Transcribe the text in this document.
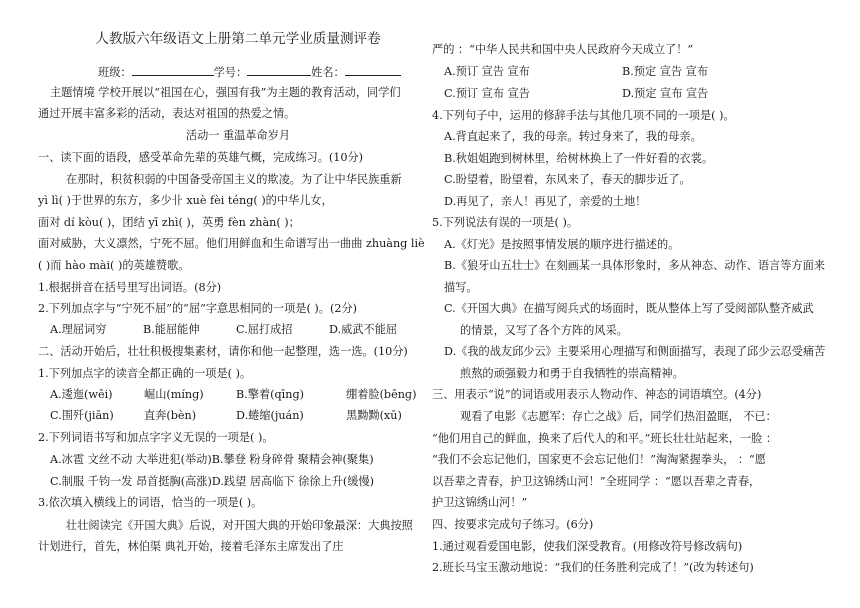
人教版六年级语文上册第二单元学业质量测评卷
班级：	学号：	姓名：
主题情境 学校开展以“祖国在心，强国有我”为主题的教育活动，同学们
通过开展丰富多彩的活动，表达对祖国的热爱之情。
活动一 重温革命岁月
一、读下面的语段，感受革命先辈的英雄气概，完成练习。(10分)
在那时，积贫积弱的中国备受帝国主义的欺凌。为了让中华民族重新
yì lì( )于世界的东方，多少卝 xuè fèi téng( )的中华儿女，
面对 dí kòu( )，团结 yī zhì( )，英勇 fèn zhàn( )；
面对威胁，大义凛然，宁死不屈。他们用鲜血和生命谱写出一曲曲 zhuàng liè
( )而 hào mài( )的英雄赞歌。
1.根据拼音在括号里写出词语。(8分)
2.下列加点字与“宁死不屈”的“屈”字意思相同的一项是( )。(2分)
A.理屈词穷	B.能屈能伸	C.屈打成招	D.威武不能屈
二、活动开始后，壮壮积极搜集素材，请你和他一起整理，选一选。(10分)
1.下列加点字的读音全都正确的一项是( )。
A.逶迤(wēi)	崛山(mínɡ)	B.擎着(qīnɡ)	绷着脸(bēnɡ)
C.围歼(jiān)	直奔(bèn)	D.蜷缩(juán)	黑黝黝(xū)
2.下列词语书写和加点字字义无误的一项是( )。
A.冰雹 文丝不动 大举进犯(举动)B.攀登 粉身碎骨 聚精会神(聚集)
C.制服 千钧一发 昂首挺胸(高涨)D.践望 居高临下 徐徐上升(缓慢)
3.依次填入横线上的词语，恰当的一项是( )。
壮壮阅读完《开国大典》后说，对开国大典的开始印象最深：大典按照
计划进行，首先，林伯渠 典礼开始，接着毛泽东主席发出了庄
严的 ：“中华人民共和国中央人民政府今天成立了！”
A.预订 宣告 宣布	B.预定 宣告 宣布
C.预订 宣布 宣告	D.预定 宣布 宣告
4.下列句子中，运用的修辞手法与其他几项不同的一项是( )。
A.背直起来了，我的母亲。转过身来了，我的母亲。
B.秋姐姐跑到树林里，给树林换上了一件好看的衣裳。
C.盼望着，盼望着，东风来了，春天的脚步近了。
D.再见了，亲人！再见了，亲爱的土地！
5.下列说法有误的一项是( )。
A.《灯光》是按照事情发展的顺序进行描述的。
B.《狼牙山五壮士》在刻画某一具体形象时，多从神态、动作、语言等方面来
描写。
C.《开国大典》在描写阅兵式的场面时，既从整体上写了受阅部队整齐威武
的情景，又写了各个方阵的风采。
D.《我的战友邱少云》主要采用心理描写和侧面描写，表现了邱少云忍受痛苦
煎熬的顽强毅力和勇于自我牺牲的崇高精神。
三、用表示“说”的词语或用表示人物动作、神态的词语填空。(4分)
观看了电影《志愿军：存亡之战》后，同学们热泪盈眶， 不已：
“他们用自己的鲜血，换来了后代人的和平。”班长壮壮站起来，一脸 ：
“我们不会忘记他们，国家更不会忘记他们！”淘淘紧握拳头， ：“愿
以吾辈之青春，护卫这锦绣山河！”全班同学 ：“愿以吾辈之青春，
护卫这锦绣山河！”
四、按要求完成句子练习。(6分)
1.通过观看爱国电影，使我们深受教育。(用修改符号修改病句)
2.班长马宝玉激动地说：“我们的任务胜利完成了！”(改为转述句)
